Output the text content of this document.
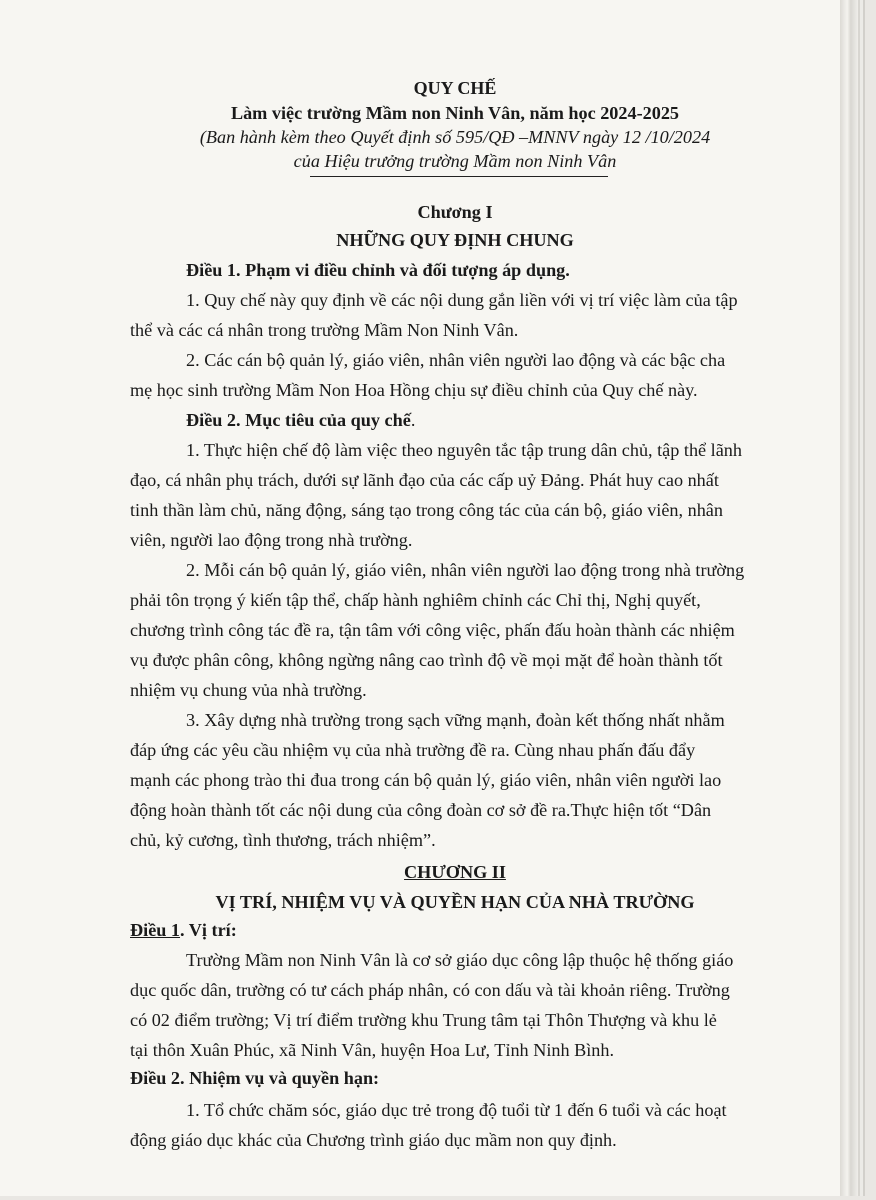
QUY CHẾ
Làm việc trường Mầm non Ninh Vân, năm học 2024-2025
(Ban hành kèm theo Quyết định số 595/QĐ –MNNV ngày 12 /10/2024
của Hiệu trưởng trường Mầm non Ninh Vân
Chương I
NHỮNG QUY ĐỊNH CHUNG
Điều 1. Phạm vi điều chỉnh và đối tượng áp dụng.
1. Quy chế này quy định về các nội dung gắn liền với vị trí việc làm của tập
thể và các cá nhân trong trường Mầm Non Ninh Vân.
2. Các cán bộ quản lý, giáo viên, nhân viên người lao động và các bậc cha
mẹ học sinh trường Mầm Non Hoa Hồng chịu sự điều chỉnh của Quy chế này.
Điều 2. Mục tiêu của quy chế.
1. Thực hiện chế độ làm việc theo nguyên tắc tập trung dân chủ, tập thể lãnh
đạo, cá nhân phụ trách, dưới sự lãnh đạo của các cấp uỷ Đảng. Phát huy cao nhất
tinh thần làm chủ, năng động, sáng tạo trong công tác của cán bộ, giáo viên, nhân
viên, người lao động trong nhà trường.
2. Mỗi cán bộ quản lý, giáo viên, nhân viên người lao động trong nhà trường
phải tôn trọng ý kiến tập thể, chấp hành nghiêm chỉnh các Chỉ thị, Nghị quyết,
chương trình công tác đề ra, tận tâm với công việc, phấn đấu hoàn thành các nhiệm
vụ được phân công, không ngừng nâng cao trình độ về mọi mặt để hoàn thành tốt
nhiệm vụ chung vủa nhà trường.
3. Xây dựng nhà trường trong sạch vững mạnh, đoàn kết thống nhất nhằm
đáp ứng các yêu cầu nhiệm vụ của nhà trường đề ra. Cùng nhau phấn đấu đẩy
mạnh các phong trào thi đua trong cán bộ quản lý, giáo viên, nhân viên người lao
động hoàn thành tốt các nội dung của công đoàn cơ sở đề ra.Thực hiện tốt “Dân
chủ, kỷ cương, tình thương, trách nhiệm”.
CHƯƠNG II
VỊ TRÍ, NHIỆM VỤ VÀ QUYỀN HẠN CỦA NHÀ TRƯỜNG
Điều 1. Vị trí:
Trường Mầm non Ninh Vân là cơ sở giáo dục công lập thuộc hệ thống giáo
dục quốc dân, trường có tư cách pháp nhân, có con dấu và tài khoản riêng. Trường
có 02 điểm trường; Vị trí điểm trường khu Trung tâm tại Thôn Thượng và khu lẻ
tại thôn Xuân Phúc, xã Ninh Vân, huyện Hoa Lư, Tỉnh Ninh Bình.
Điều 2. Nhiệm vụ và quyền hạn:
1. Tổ chức chăm sóc, giáo dục trẻ trong độ tuổi từ 1 đến 6 tuổi và các hoạt
động giáo dục khác của Chương trình giáo dục mầm non quy định.
